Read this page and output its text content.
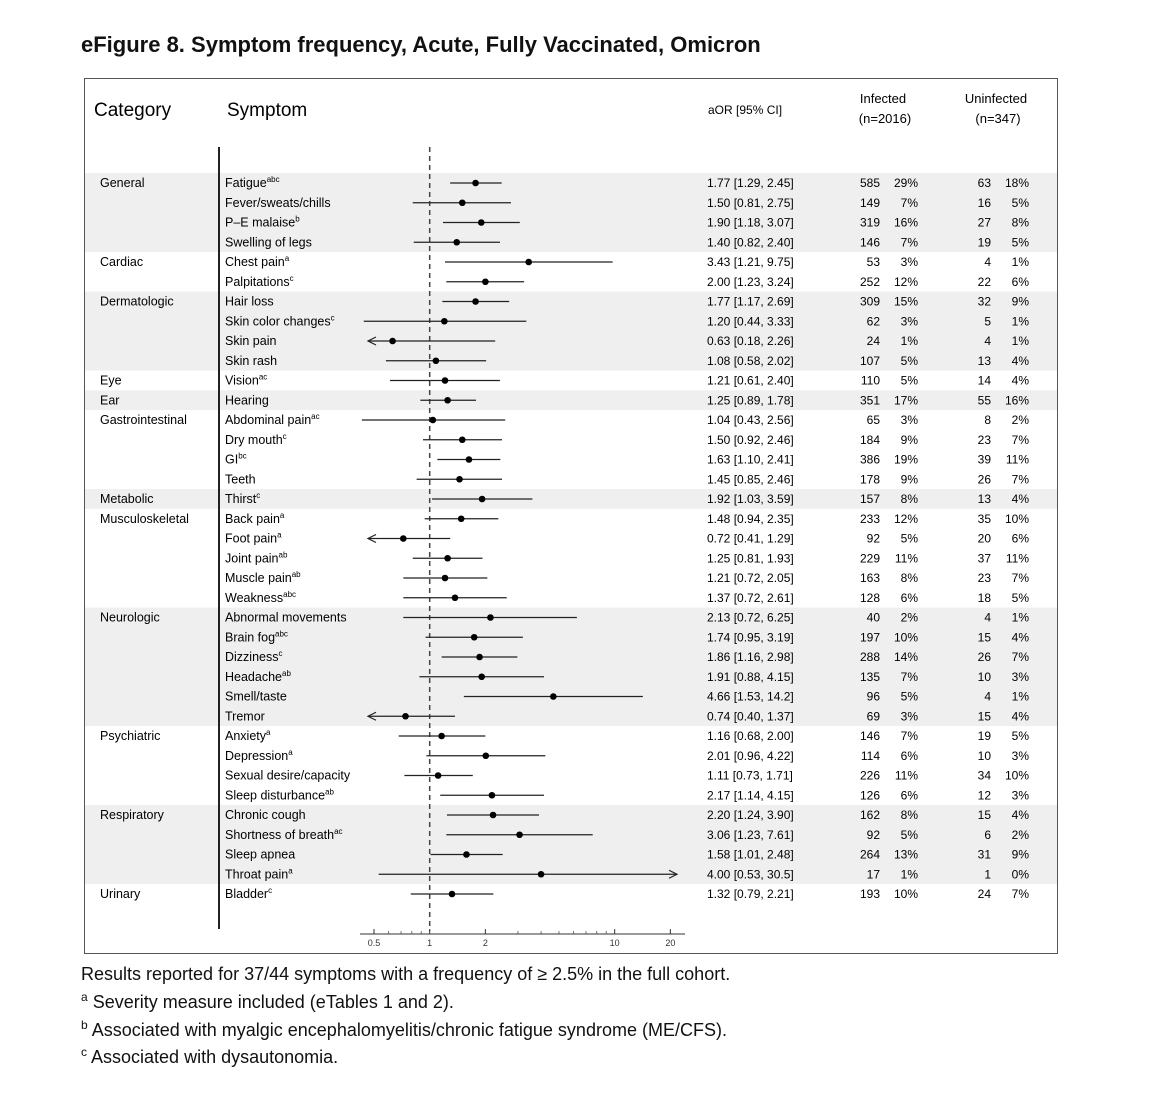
eFigure 8. Symptom frequency, Acute, Fully Vaccinated, Omicron
Category	Symptom	aOR [95% CI]
Infected
(n=2016)
Uninfected
(n=347)
General	Fatigue$^{abc}$	1.77 [1.29, 2.45]	585 29%	63 18%
Fever/sweats/chills	1.50 [0.81, 2.75]	149 7%	16 5%
P–E malaise$^b$	1.90 [1.18, 3.07]	319 16%	27 8%
Swelling of legs	1.40 [0.82, 2.40]	146 7%	19 5%
Cardiac	Chest pain$^a$	3.43 [1.21, 9.75]	53 3%	4 1%
Palpitations$^c$	2.00 [1.23, 3.24]	252 12%	22 6%
Dermatologic	Hair loss	1.77 [1.17, 2.69]	309 15%	32 9%
Skin color changes$^c$	1.20 [0.44, 3.33]	62 3%	5 1%
Skin pain	0.63 [0.18, 2.26]	24 1%	4 1%
Skin rash	1.08 [0.58, 2.02]	107 5%	13 4%
Eye	Vision$^{ac}$	1.21 [0.61, 2.40]	110 5%	14 4%
Ear	Hearing	1.25 [0.89, 1.78]	351 17%	55 16%
Gastrointestinal	Abdominal pain$^{ac}$	1.04 [0.43, 2.56]	65 3%	8 2%
Dry mouth$^c$	1.50 [0.92, 2.46]	184 9%	23 7%
$GI^{bc}$	1.63 [1.10, 2.41]	386 19%	39 11%
Teeth	1.45 [0.85, 2.46]	178 9%	26 7%
Metabolic	Thirst$^c$	1.92 [1.03, 3.59]	157 8%	13 4%
Musculoskeletal	Back pain$^a$	1.48 [0.94, 2.35]	233 12%	35 10%
Foot pain$^a$	0.72 [0.41, 1.29]	92 5%	20 6%
Joint pain$^{ab}$	1.25 [0.81, 1.93]	229 11%	37 11%
Muscle pain$^{ab}$	1.21 [0.72, 2.05]	163 8%	23 7%
Weakness$^{abc}$	1.37 [0.72, 2.61]	128 6%	18 5%
Neurologic	Abnormal movements	2.13 [0.72, 6.25]	40 2%	4 1%
Brain fog$^{abc}$	1.74 [0.95, 3.19]	197 10%	15 4%
Dizziness$^c$	1.86 [1.16, 2.98]	288 14%	26 7%
Headache$^{ab}$	1.91 [0.88, 4.15]	135 7%	10 3%
Smell/taste	4.66 [1.53, 14.2]	96 5%	4 1%
Tremor	0.74 [0.40, 1.37]	69 3%	15 4%
Psychiatric	Anxiety$^a$	1.16 [0.68, 2.00]	146 7%	19 5%
Depression$^a$	2.01 [0.96, 4.22]	114 6%	10 3%
Sexual desire/capacity	1.11 [0.73, 1.71]	226 11%	34 10%
Sleep disturbance$^{ab}$	2.17 [1.14, 4.15]	126 6%	12 3%
Respiratory	Chronic cough	2.20 [1.24, 3.90]	162 8%	15 4%
Shortness of breath$^{ac}$	3.06 [1.23, 7.61]	92 5%	6 2%
Sleep apnea	1.58 [1.01, 2.48]	264 13%	31 9%
Throat pain$^a$	4.00 [0.53, 30.5]	17 1%	1 0%
Urinary	Bladder$^c$	1.32 [0.79, 2.21]	193 10%	24 7%
0.5	1	2	10	20
Results reported for 37/44 symptoms with a frequency of ≥ 2.5% in the full cohort.
$^a$ Severity measure included (eTables 1 and 2).
$^b$ Associated with myalgic encephalomyelitis/chronic fatigue syndrome (ME/CFS).
$^c$ Associated with dysautonomia.
